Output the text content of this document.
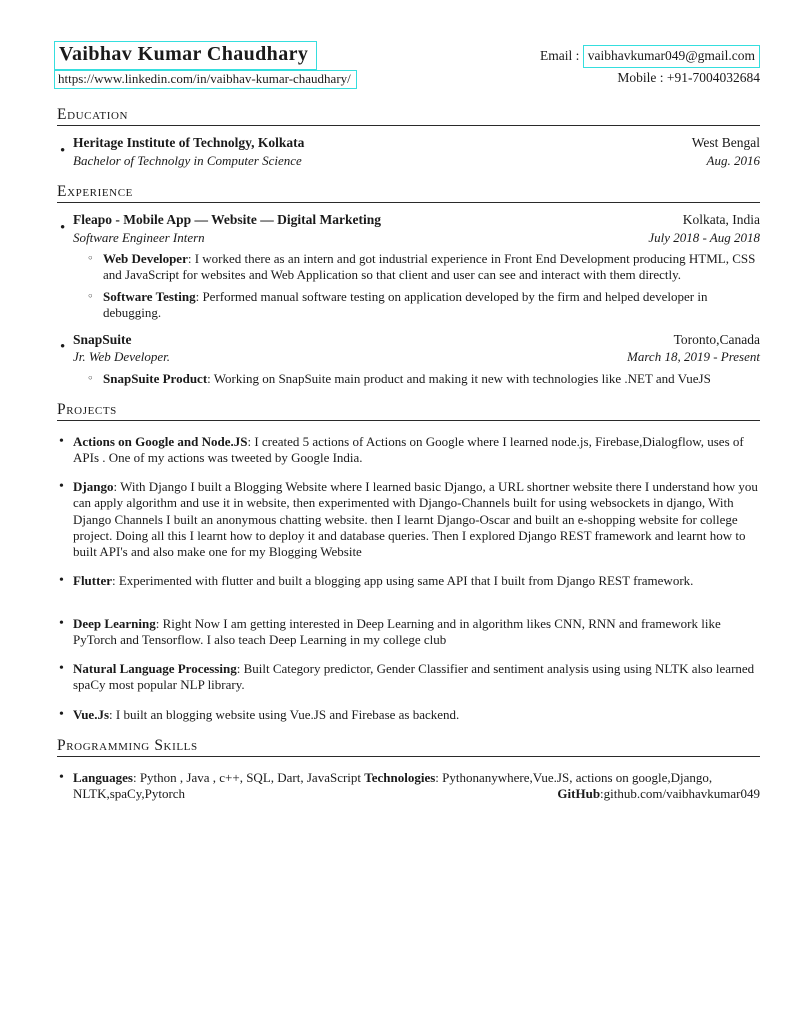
Vaibhav Kumar Chaudhary
https://www.linkedin.com/in/vaibhav-kumar-chaudhary/
Email : vaibhavkumar049@gmail.com
Mobile : +91-7004032684
Education
• Heritage Institute of Technolgy, Kolkata	West Bengal
Bachelor of Technolgy in Computer Science	Aug. 2016
Experience
• Fleapo - Mobile App — Website — Digital Marketing	Kolkata, India
Software Engineer Intern	July 2018 - Aug 2018

◦ Web Developer: I worked there as an intern and got industrial experience in Front End Development producing HTML, CSS and JavaScript for websites and Web Application so that client and user can see and interact with them directly.

◦ Software Testing: Performed manual software testing on application developed by the firm and helped developer in debugging.

• SnapSuite	Toronto,Canada
Jr. Web Developer.	March 18, 2019 - Present

◦ SnapSuite Product: Working on SnapSuite main product and making it new with technologies like .NET and VueJS

Projects

• Actions on Google and Node.JS: I created 5 actions of Actions on Google where I learned node.js, Firebase,Dialogflow, uses of APIs . One of my actions was tweeted by Google India.

• Django: With Django I built a Blogging Website where I learned basic Django, a URL shortner website there I understand how you can apply algorithm and use it in website, then experimented with Django-Channels built for using websockets in django, With Django Channels I built an anonymous chatting website. then I learnt Django-Oscar and built an e-shopping website for college project. Doing all this I learnt how to deploy it and database queries. Then I explored Django REST framework and learnt how to built API's and also make one for my Blogging Website

• Flutter: Experimented with flutter and built a blogging app using same API that I built from Django REST framework.

• Deep Learning: Right Now I am getting interested in Deep Learning and in algorithm likes CNN, RNN and framework like PyTorch and Tensorflow. I also teach Deep Learning in my college club

• Natural Language Processing: Built Category predictor, Gender Classifier and sentiment analysis using using NLTK also learned spaCy most popular NLP library.

• Vue.Js: I built an blogging website using Vue.JS and Firebase as backend.

Programming Skills

• Languages: Python , Java , c++, SQL, Dart, JavaScript Technologies: Pythonanywhere,Vue.JS, actions on google,Django, NLTK,spaCy,Pytorch	GitHub:github.com/vaibhavkumar049
